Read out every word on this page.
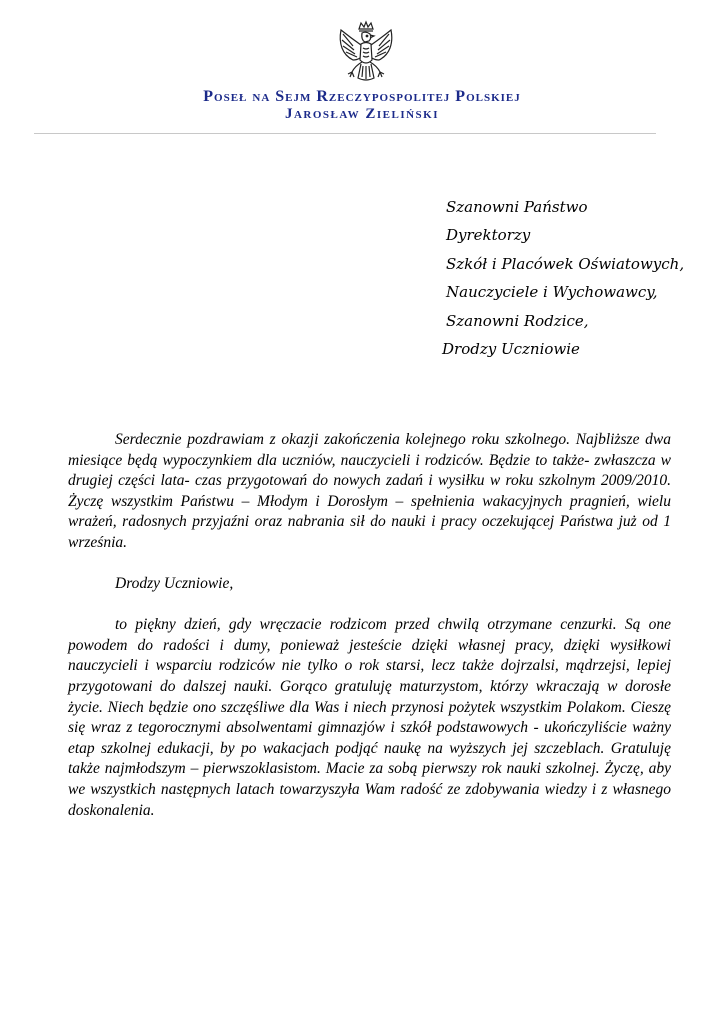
Poseł na Sejm Rzeczypospolitej Polskiej

Jarosław Zieliński

Szanowni Państwo
Dyrektorzy
Szkół i Placówek Oświatowych,
Nauczyciele i Wychowawcy,
Szanowni Rodzice,
Drodzy Uczniowie

Serdecznie pozdrawiam z okazji zakończenia kolejnego roku szkolnego. Najbliższe dwa miesiące będą wypoczynkiem dla uczniów, nauczycieli i rodziców. Będzie to także- zwłaszcza w drugiej części lata- czas przygotowań do nowych zadań i wysiłku w roku szkolnym 2009/2010. Życzę wszystkim Państwu – Młodym i Dorosłym – spełnienia wakacyjnych pragnień, wielu wrażeń, radosnych przyjaźni oraz nabrania sił do nauki i pracy oczekującej Państwa już od 1 września.

Drodzy Uczniowie,

to piękny dzień, gdy wręczacie rodzicom przed chwilą otrzymane cenzurki. Są one powodem do radości i dumy, ponieważ jesteście dzięki własnej pracy, dzięki wysiłkowi nauczycieli i wsparciu rodziców nie tylko o rok starsi, lecz także dojrzalsi, mądrzejsi, lepiej przygotowani do dalszej nauki. Gorąco gratuluję maturzystom, którzy wkraczają w dorosłe życie. Niech będzie ono szczęśliwe dla Was i niech przynosi pożytek wszystkim Polakom. Cieszę się wraz z tegorocznymi absolwentami gimnazjów i szkół podstawowych - ukończyliście ważny etap szkolnej edukacji, by po wakacjach podjąć naukę na wyższych jej szczeblach. Gratuluję także najmłodszym – pierwszoklasistom. Macie za sobą pierwszy rok nauki szkolnej. Życzę, aby we wszystkich następnych latach towarzyszyła Wam radość ze zdobywania wiedzy i z własnego doskonalenia.
